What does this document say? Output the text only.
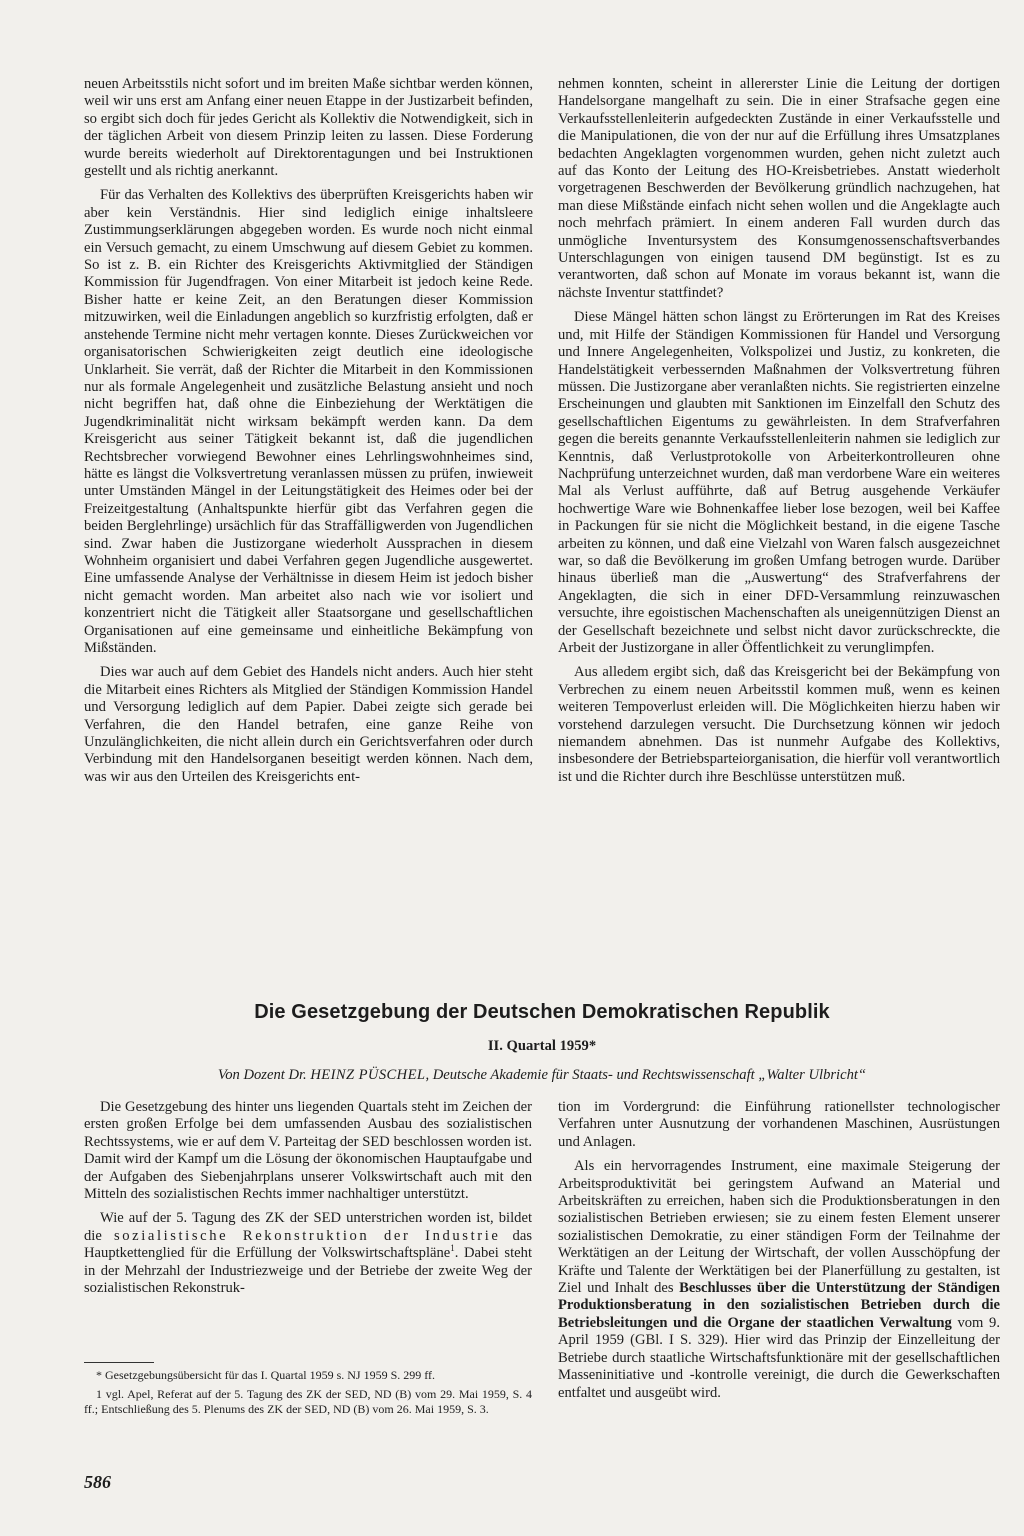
neuen Arbeitsstils nicht sofort und im breiten Maße sichtbar werden können, weil wir uns erst am Anfang einer neuen Etappe in der Justizarbeit befinden, so ergibt sich doch für jedes Gericht als Kollektiv die Notwendigkeit, sich in der täglichen Arbeit von diesem Prinzip leiten zu lassen. Diese Forderung wurde bereits wiederholt auf Direktorentagungen und bei Instruktionen gestellt und als richtig anerkannt.

Für das Verhalten des Kollektivs des überprüften Kreisgerichts haben wir aber kein Verständnis. Hier sind lediglich einige inhaltsleere Zustimmungserklärungen abgegeben worden. Es wurde noch nicht einmal ein Versuch gemacht, zu einem Umschwung auf diesem Gebiet zu kommen. So ist z. B. ein Richter des Kreisgerichts Aktivmitglied der Ständigen Kommission für Jugendfragen. Von einer Mitarbeit ist jedoch keine Rede. Bisher hatte er keine Zeit, an den Beratungen dieser Kommission mitzuwirken, weil die Einladungen angeblich so kurzfristig erfolgten, daß er anstehende Termine nicht mehr vertagen konnte. Dieses Zurückweichen vor organisatorischen Schwierigkeiten zeigt deutlich eine ideologische Unklarheit. Sie verrät, daß der Richter die Mitarbeit in den Kommissionen nur als formale Angelegenheit und zusätzliche Belastung ansieht und noch nicht begriffen hat, daß ohne die Einbeziehung der Werktätigen die Jugendkriminalität nicht wirksam bekämpft werden kann. Da dem Kreisgericht aus seiner Tätigkeit bekannt ist, daß die jugendlichen Rechtsbrecher vorwiegend Bewohner eines Lehrlingswohnheimes sind, hätte es längst die Volksvertretung veranlassen müssen zu prüfen, inwieweit unter Umständen Mängel in der Leitungstätigkeit des Heimes oder bei der Freizeitgestaltung (Anhaltspunkte hierfür gibt das Verfahren gegen die beiden Berglehrlinge) ursächlich für das Straffälligwerden von Jugendlichen sind. Zwar haben die Justizorgane wiederholt Aussprachen in diesem Wohnheim organisiert und dabei Verfahren gegen Jugendliche ausgewertet. Eine umfassende Analyse der Verhältnisse in diesem Heim ist jedoch bisher nicht gemacht worden. Man arbeitet also nach wie vor isoliert und konzentriert nicht die Tätigkeit aller Staatsorgane und gesellschaftlichen Organisationen auf eine gemeinsame und einheitliche Bekämpfung von Mißständen.

Dies war auch auf dem Gebiet des Handels nicht anders. Auch hier steht die Mitarbeit eines Richters als Mitglied der Ständigen Kommission Handel und Versorgung lediglich auf dem Papier. Dabei zeigte sich gerade bei Verfahren, die den Handel betrafen, eine ganze Reihe von Unzulänglichkeiten, die nicht allein durch ein Gerichtsverfahren oder durch Verbindung mit den Handelsorganen beseitigt werden können. Nach dem, was wir aus den Urteilen des Kreisgerichts ent-

nehmen konnten, scheint in allererster Linie die Leitung der dortigen Handelsorgane mangelhaft zu sein. Die in einer Strafsache gegen eine Verkaufsstellenleiterin aufgedeckten Zustände in einer Verkaufsstelle und die Manipulationen, die von der nur auf die Erfüllung ihres Umsatzplanes bedachten Angeklagten vorgenommen wurden, gehen nicht zuletzt auch auf das Konto der Leitung des HO-Kreisbetriebes. Anstatt wiederholt vorgetragenen Beschwerden der Bevölkerung gründlich nachzugehen, hat man diese Mißstände einfach nicht sehen wollen und die Angeklagte auch noch mehrfach prämiert. In einem anderen Fall wurden durch das unmögliche Inventursystem des Konsumgenossenschaftsverbandes Unterschlagungen von einigen tausend DM begünstigt. Ist es zu verantworten, daß schon auf Monate im voraus bekannt ist, wann die nächste Inventur stattfindet?

Diese Mängel hätten schon längst zu Erörterungen im Rat des Kreises und, mit Hilfe der Ständigen Kommissionen für Handel und Versorgung und Innere Angelegenheiten, Volkspolizei und Justiz, zu konkreten, die Handelstätigkeit verbessernden Maßnahmen der Volksvertretung führen müssen. Die Justizorgane aber veranlaßten nichts. Sie registrierten einzelne Erscheinungen und glaubten mit Sanktionen im Einzelfall den Schutz des gesellschaftlichen Eigentums zu gewährleisten. In dem Strafverfahren gegen die bereits genannte Verkaufsstellenleiterin nahmen sie lediglich zur Kenntnis, daß Verlustprotokolle von Arbeiterkontrolleuren ohne Nachprüfung unterzeichnet wurden, daß man verdorbene Ware ein weiteres Mal als Verlust aufführte, daß auf Betrug ausgehende Verkäufer hochwertige Ware wie Bohnenkaffee lieber lose bezogen, weil bei Kaffee in Packungen für sie nicht die Möglichkeit bestand, in die eigene Tasche arbeiten zu können, und daß eine Vielzahl von Waren falsch ausgezeichnet war, so daß die Bevölkerung im großen Umfang betrogen wurde. Darüber hinaus überließ man die „Auswertung“ des Strafverfahrens der Angeklagten, die sich in einer DFD-Versammlung reinzuwaschen versuchte, ihre egoistischen Machenschaften als uneigennützigen Dienst an der Gesellschaft bezeichnete und selbst nicht davor zurückschreckte, die Arbeit der Justizorgane in aller Öffentlichkeit zu verunglimpfen.

Aus alledem ergibt sich, daß das Kreisgericht bei der Bekämpfung von Verbrechen zu einem neuen Arbeitsstil kommen muß, wenn es keinen weiteren Tempoverlust erleiden will. Die Möglichkeiten hierzu haben wir vorstehend darzulegen versucht. Die Durchsetzung können wir jedoch niemandem abnehmen. Das ist nunmehr Aufgabe des Kollektivs, insbesondere der Betriebsparteiorganisation, die hierfür voll verantwortlich ist und die Richter durch ihre Beschlüsse unterstützen muß.

Die Gesetzgebung der Deutschen Demokratischen Republik
II. Quartal 1959*
Von Dozent Dr. HEINZ PÜSCHEL, Deutsche Akademie für Staats- und Rechtswissenschaft „Walter Ulbricht“

Die Gesetzgebung des hinter uns liegenden Quartals steht im Zeichen der ersten großen Erfolge bei dem umfassenden Ausbau des sozialistischen Rechtssystems, wie er auf dem V. Parteitag der SED beschlossen worden ist. Damit wird der Kampf um die Lösung der ökonomischen Hauptaufgabe und der Aufgaben des Siebenjahrplans unserer Volkswirtschaft auch mit den Mitteln des sozialistischen Rechts immer nachhaltiger unterstützt.

Wie auf der 5. Tagung des ZK der SED unterstrichen worden ist, bildet die sozialistische Rekonstruktion der Industrie das Hauptkettenglied für die Erfüllung der Volkswirtschaftspläne$^1$. Dabei steht in der Mehrzahl der Industriezweige und der Betriebe der zweite Weg der sozialistischen Rekonstruk-

tion im Vordergrund: die Einführung rationellster technologischer Verfahren unter Ausnutzung der vorhandenen Maschinen, Ausrüstungen und Anlagen.

Als ein hervorragendes Instrument, eine maximale Steigerung der Arbeitsproduktivität bei geringstem Aufwand an Material und Arbeitskräften zu erreichen, haben sich die Produktionsberatungen in den sozialistischen Betrieben erwiesen; sie zu einem festen Element unserer sozialistischen Demokratie, zu einer ständigen Form der Teilnahme der Werktätigen an der Leitung der Wirtschaft, der vollen Ausschöpfung der Kräfte und Talente der Werktätigen bei der Planerfüllung zu gestalten, ist Ziel und Inhalt des Beschlusses über die Unterstützung der Ständigen Produktionsberatung in den sozialistischen Betrieben durch die Betriebsleitungen und die Organe der staatlichen Verwaltung vom 9. April 1959 (GBl. I S. 329). Hier wird das Prinzip der Einzelleitung der Betriebe durch staatliche Wirtschaftsfunktionäre mit der gesellschaftlichen Masseninitiative und -kontrolle vereinigt, die durch die Gewerkschaften entfaltet und ausgeübt wird.

* Gesetzgebungsübersicht für das I. Quartal 1959 s. NJ 1959 S. 299 ff.

1 vgl. Apel, Referat auf der 5. Tagung des ZK der SED, ND (B) vom 29. Mai 1959, S. 4 ff.; Entschließung des 5. Plenums des ZK der SED, ND (B) vom 26. Mai 1959, S. 3.

586
